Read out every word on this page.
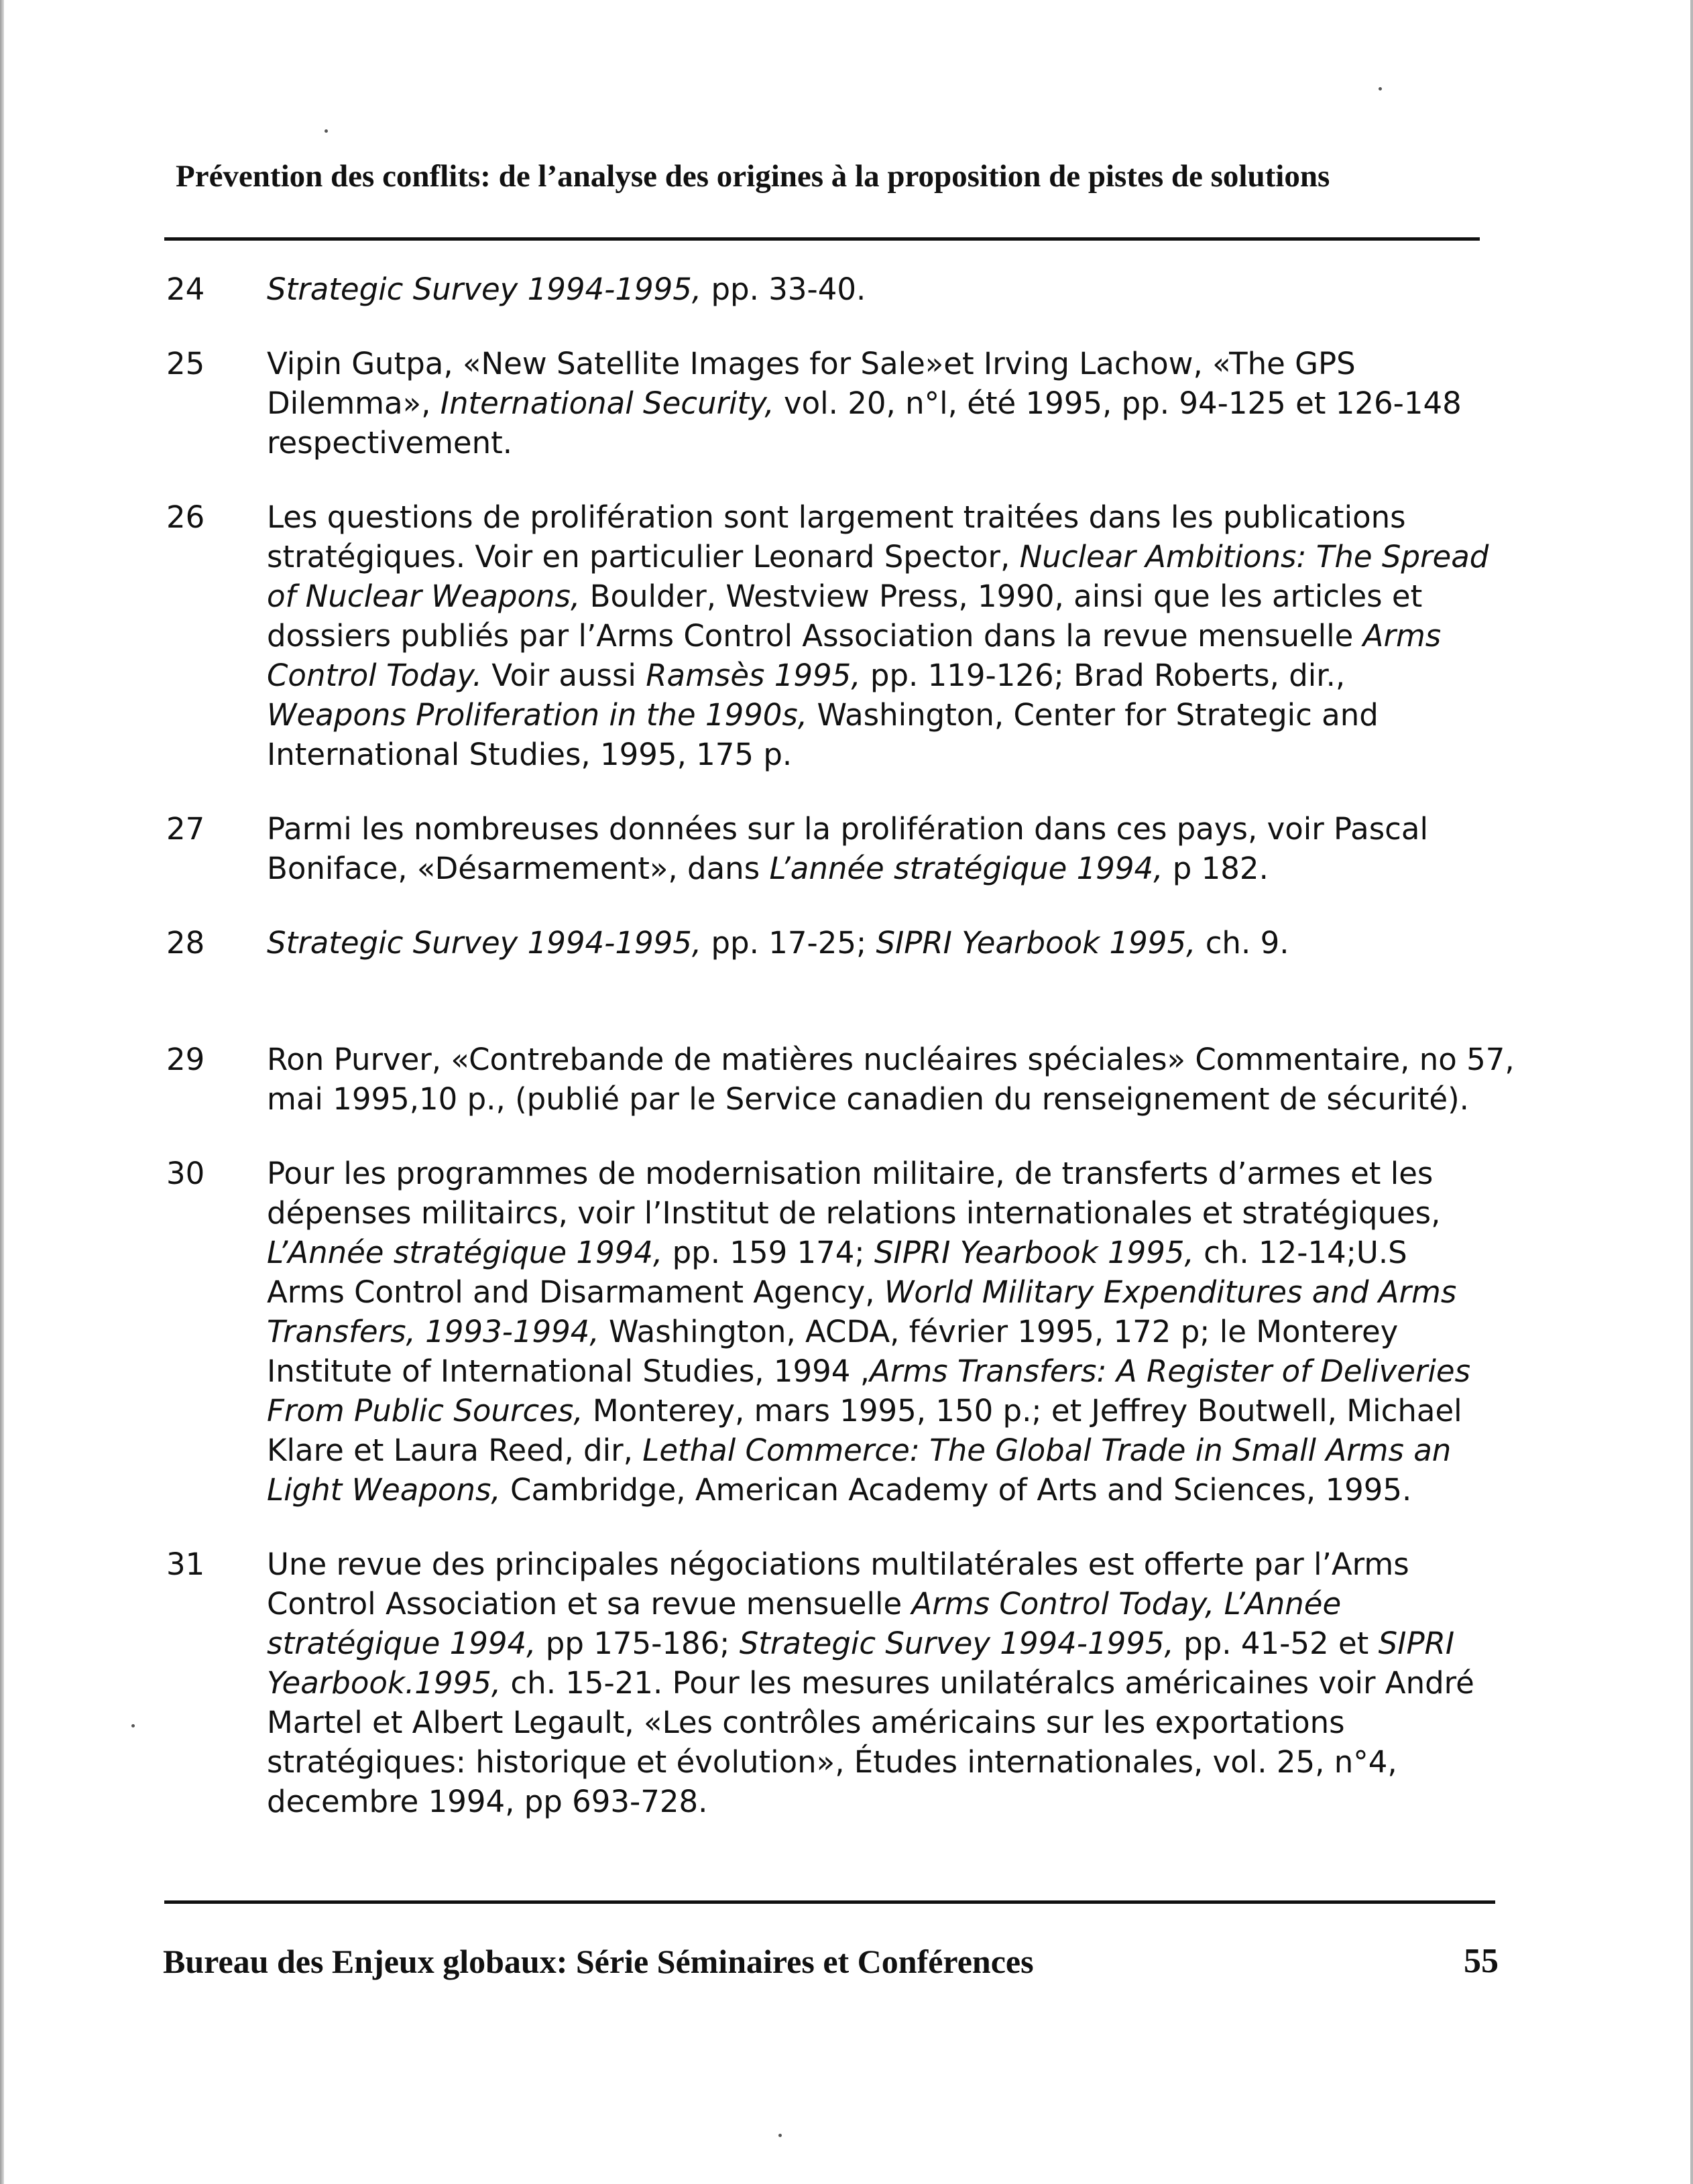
Prévention des conflits: de l’analyse des origines à la proposition de pistes de solutions
24	Strategic Survey 1994-1995, pp. 33-40.
25	Vipin Gutpa, «New Satellite Images for Sale»et Irving Lachow, «The GPS
Dilemma», International Security, vol. 20, n°l, été 1995, pp. 94-125 et 126-148
respectivement.
26	Les questions de prolifération sont largement traitées dans les publications
stratégiques. Voir en particulier Leonard Spector, Nuclear Ambitions: The Spread
of Nuclear Weapons, Boulder, Westview Press, 1990, ainsi que les articles et
dossiers publiés par l’Arms Control Association dans la revue mensuelle Arms
Control Today. Voir aussi Ramsès 1995, pp. 119-126; Brad Roberts, dir.,
Weapons Proliferation in the 1990s, Washington, Center for Strategic and
International Studies, 1995, 175 p.
27	Parmi les nombreuses données sur la prolifération dans ces pays, voir Pascal
Boniface, «Désarmement», dans L’année stratégique 1994, p 182.
28	Strategic Survey 1994-1995, pp. 17-25; SIPRI Yearbook 1995, ch. 9.
29	Ron Purver, «Contrebande de matières nucléaires spéciales» Commentaire, no 57,
mai 1995,10 p., (publié par le Service canadien du renseignement de sécurité).
30	Pour les programmes de modernisation militaire, de transferts d’armes et les
dépenses militaircs, voir l’Institut de relations internationales et stratégiques,
L’Année stratégique 1994, pp. 159 174; SIPRI Yearbook 1995, ch. 12-14;U.S
Arms Control and Disarmament Agency, World Military Expenditures and Arms
Transfers, 1993-1994, Washington, ACDA, février 1995, 172 p; le Monterey
Institute of International Studies, 1994 ,Arms Transfers: A Register of Deliveries
From Public Sources, Monterey, mars 1995, 150 p.; et Jeffrey Boutwell, Michael
Klare et Laura Reed, dir, Lethal Commerce: The Global Trade in Small Arms an
Light Weapons, Cambridge, American Academy of Arts and Sciences, 1995.
31	Une revue des principales négociations multilatérales est offerte par l’Arms
Control Association et sa revue mensuelle Arms Control Today, L’Année
stratégique 1994, pp 175-186; Strategic Survey 1994-1995, pp. 41-52 et SIPRI
Yearbook.1995, ch. 15-21. Pour les mesures unilatéralcs américaines voir André
Martel et Albert Legault, «Les contrôles américains sur les exportations
stratégiques: historique et évolution», Études internationales, vol. 25, n°4,
decembre 1994, pp 693-728.
Bureau des Enjeux globaux: Série Séminaires et Conférences	55
